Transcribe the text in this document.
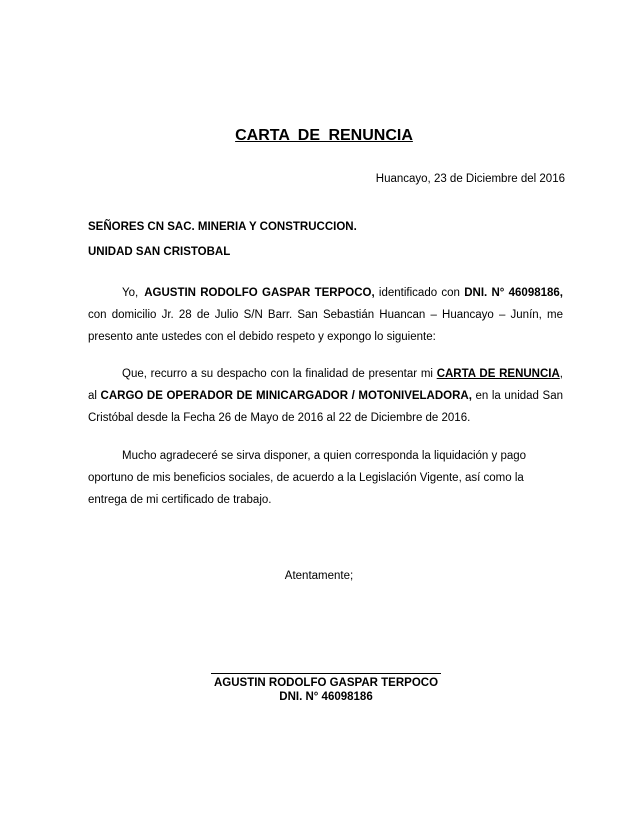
CARTA DE RENUNCIA
Huancayo, 23 de Diciembre del 2016
SEÑORES CN SAC. MINERIA Y CONSTRUCCION.
UNIDAD SAN CRISTOBAL
Yo, AGUSTIN RODOLFO GASPAR TERPOCO, identificado con DNI. N° 46098186, con domicilio Jr. 28 de Julio S/N Barr. San Sebastián Huancan – Huancayo – Junín, me presento ante ustedes con el debido respeto y expongo lo siguiente:
Que, recurro a su despacho con la finalidad de presentar mi CARTA DE RENUNCIA, al CARGO DE OPERADOR DE MINICARGADOR / MOTONIVELADORA, en la unidad San Cristóbal desde la Fecha 26 de Mayo de 2016 al 22 de Diciembre de 2016.
Mucho agradeceré se sirva disponer, a quien corresponda la liquidación y pago oportuno de mis beneficios sociales, de acuerdo a la Legislación Vigente, así como la entrega de mi certificado de trabajo.
Atentamente;
AGUSTIN RODOLFO GASPAR TERPOCO
DNI. N° 46098186
